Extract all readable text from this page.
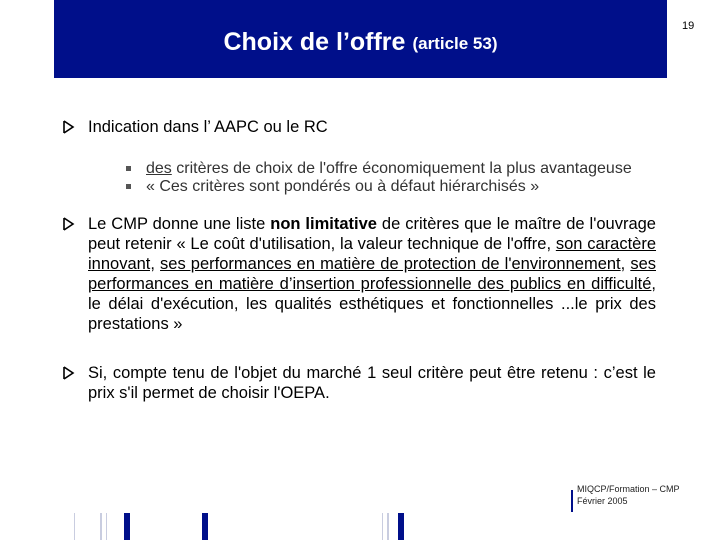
Choix de l’offre (article 53)
19
Indication dans l’ AAPC ou le RC
des critères de choix de l'offre économiquement la plus avantageuse
« Ces critères sont pondérés ou à défaut hiérarchisés »
Le CMP donne une liste non limitative de critères que le maître de l'ouvrage peut retenir « Le coût d'utilisation, la valeur technique de l'offre, son caractère innovant, ses performances en matière de protection de l'environnement, ses performances en matière d’insertion professionnelle des publics en difficulté, le délai d'exécution, les qualités esthétiques et fonctionnelles ...le prix des prestations »
Si, compte tenu de l'objet du marché 1 seul critère peut être retenu : c’est le prix s'il permet de choisir l'OEPA.
MIQCP/Formation – CMP
Février 2005
